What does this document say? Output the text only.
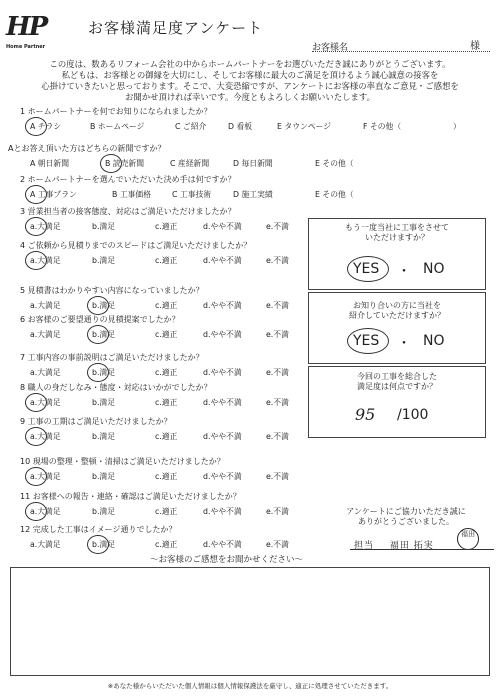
HP
Home Partner
お客様満足度アンケート
お客様名	様
この度は、数あるリフォーム会社の中からホームパートナーをお選びいただき誠にありがとうございます。
私どもは、お客様との御縁を大切にし、そしてお客様に最大のご満足を頂けるよう誠心誠意の接客を
心掛けていきたいと思っております。そこで、大変恐縮ですが、アンケートにお客様の率直なご意見・ご感想を
お聞かせ頂ければ幸いです。今度ともよろしくお願いいたします。
1 ホームパートナーを何でお知りになられましたか？
A チラシ	B ホームページ	C ご紹介	D 看板	E タウンページ	F その他（	）
Aとお答え頂いた方はどちらの新聞ですか？
A 朝日新聞	B 読売新聞	C 産経新聞	D 毎日新聞	E その他（
2 ホームパートナーを選んでいただいた決め手は何ですか？
A 工事プラン	B 工事価格	C 工事技術	D 施工実績	E その他（
3 営業担当者の接客態度、対応はご満足いただけましたか？
a.大満足	b.満足	c.適正	d.やや不満	e.不満
4 ご依頼から見積りまでのスピードはご満足いただけましたか？
a.大満足	b.満足	c.適正	d.やや不満	e.不満
5 見積書はわかりやすい内容になっていましたか？
a.大満足	b.満足	c.適正	d.やや不満	e.不満
6 お客様のご要望通りの見積提案でしたか？
a.大満足	b.満足	c.適正	d.やや不満	e.不満
7 工事内容の事前説明はご満足いただけましたか？
a.大満足	b.満足	c.適正	d.やや不満	e.不満
8 職人の身だしなみ・態度・対応はいかがでしたか？
a.大満足	b.満足	c.適正	d.やや不満	e.不満
9 工事の工期はご満足いただけましたか？
a.大満足	b.満足	c.適正	d.やや不満	e.不満
10 現場の整理・整頓・清掃はご満足いただけましたか？
a.大満足	b.満足	c.適正	d.やや不満	e.不満
11 お客様への報告・連絡・確認はご満足いただけましたか？
a.大満足	b.満足	c.適正	d.やや不満	e.不満
12 完成した工事はイメージ通りでしたか？
a.大満足	b.満足	c.適正	d.やや不満	e.不満
もう一度当社に工事をさせて
いただけますか？
YES ・ NO
お知り合いの方に当社を
紹介していただけますか？
YES ・ NO
今回の工事を総合した
満足度は何点ですか？
95 /100
アンケートにご協力いただき誠に
ありがとうございました。
担当 福田 拓実
福田
～お客様のご感想をお聞かせください～
※あなた様からいただいた個人情報は個人情報保護法を厳守し、適正に処理させていただきます。
